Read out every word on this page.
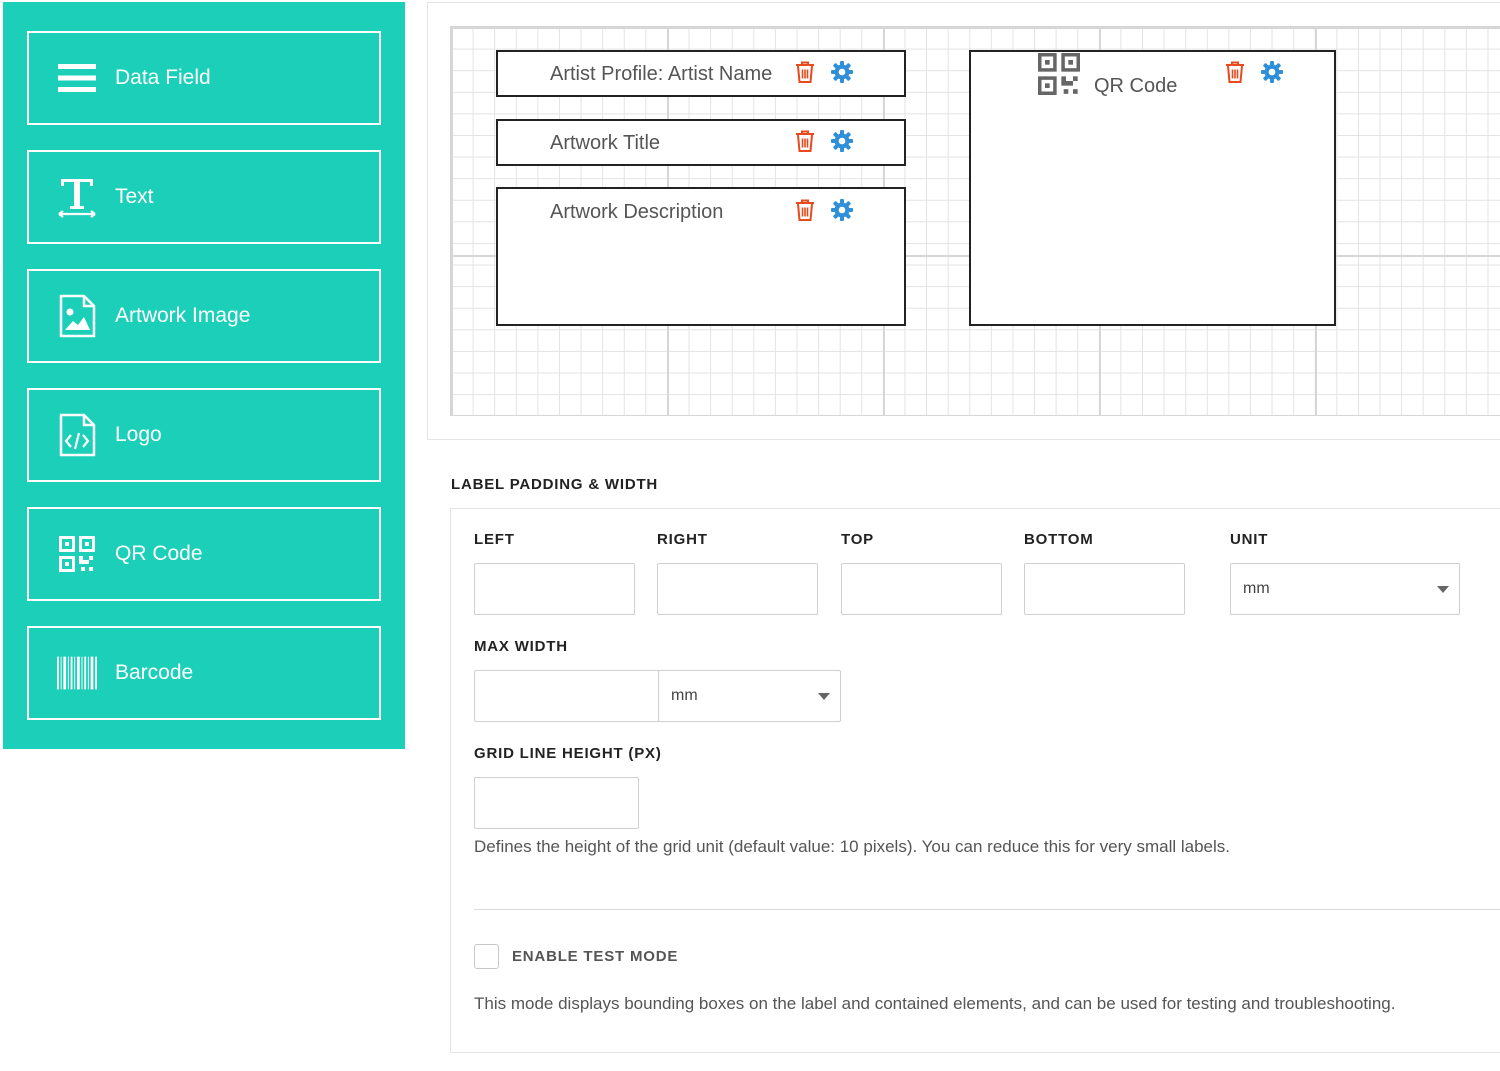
Data Field
Text
Artwork Image
Logo
QR Code
Barcode
Artist Profile: Artist Name
Artwork Title
Artwork Description
QR Code
LABEL PADDING & WIDTH
LEFT	RIGHT	TOP	BOTTOM	UNIT
mm
MAX WIDTH
mm
GRID LINE HEIGHT (PX)
Defines the height of the grid unit (default value: 10 pixels). You can reduce this for very small labels.
ENABLE TEST MODE
This mode displays bounding boxes on the label and contained elements, and can be used for testing and troubleshooting.
